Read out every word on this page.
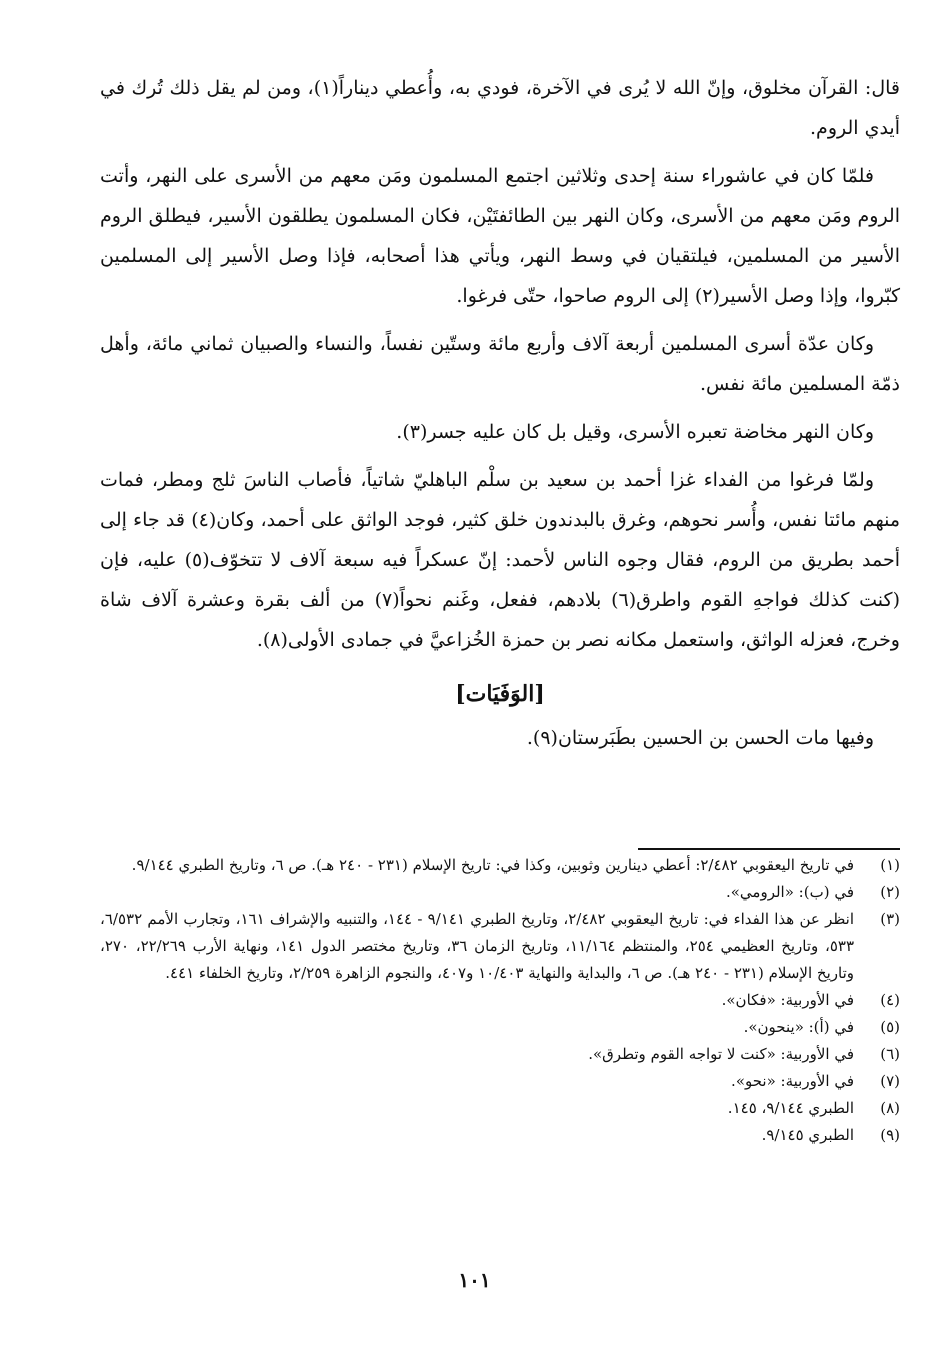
قال: القرآن مخلوق، وإنّ الله لا يُرى في الآخرة، فودي به، وأُعطي ديناراً(١)، ومن لم يقل ذلك تُرك في أيدي الروم.

فلمّا كان في عاشوراء سنة إحدى وثلاثين اجتمع المسلمون ومَن معهم من الأسرى على النهر، وأتت الروم ومَن معهم من الأسرى، وكان النهر بين الطائفتَيْن، فكان المسلمون يطلقون الأسير، فيطلق الروم الأسير من المسلمين، فيلتقيان في وسط النهر، ويأتي هذا أصحابه، فإذا وصل الأسير إلى المسلمين كبّروا، وإذا وصل الأسير(٢) إلى الروم صاحوا، حتّى فرغوا.

وكان عدّة أسرى المسلمين أربعة آلاف وأربع مائة وستّين نفساً، والنساء والصبيان ثماني مائة، وأهل ذمّة المسلمين مائة نفس.

وكان النهر مخاضة تعبره الأسرى، وقيل بل كان عليه جسر(٣).

ولمّا فرغوا من الفداء غزا أحمد بن سعيد بن سلْم الباهليّ شاتياً، فأصاب الناسَ ثلج ومطر، فمات منهم مائتا نفس، وأُسر نحوهم، وغرق بالبدندون خلق كثير، فوجد الواثق على أحمد، وكان(٤) قد جاء إلى أحمد بطريق من الروم، فقال وجوه الناس لأحمد: إنّ عسكراً فيه سبعة آلاف لا تتخوّف(٥) عليه، فإن (كنت كذلك فواجهِ القوم واطرق(٦) بلادهم، ففعل، وغَنم نحواً(٧) من ألف بقرة وعشرة آلاف شاة وخرج، فعزله الواثق، واستعمل مكانه نصر بن حمزة الخُزاعيَّ في جمادى الأولى(٨).

[الوَفَيَات]

وفيها مات الحسن بن الحسين بطَبَرستان(٩).

(١)
في تاريخ اليعقوبي ٢/٤٨٢: أعطي دينارين وثوبين، وكذا في: تاريخ الإسلام (٢٣١ - ٢٤٠ هـ). ص ٦، وتاريخ الطبري ٩/١٤٤.
(٢)
في (ب): «الرومي».
(٣)
انظر عن هذا الفداء في: تاريخ اليعقوبي ٢/٤٨٢، وتاريخ الطبري ٩/١٤١ - ١٤٤، والتنبيه والإشراف ١٦١، وتجارب الأمم ٦/٥٣٢، ٥٣٣، وتاريخ العظيمي ٢٥٤، والمنتظم ١١/١٦٤، وتاريخ الزمان ٣٦، وتاريخ مختصر الدول ١٤١، ونهاية الأرب ٢٢/٢٦٩، ٢٧٠، وتاريخ الإسلام (٢٣١ - ٢٤٠ هـ). ص ٦، والبداية والنهاية ١٠/٤٠٣ و٤٠٧، والنجوم الزاهرة ٢/٢٥٩، وتاريخ الخلفاء ٤٤١.
(٤)
في الأوربية: «فكان».
(٥)
في (أ): «ينحون».
(٦)
في الأوربية: «كنت لا تواجه القوم وتطرق».
(٧)
في الأوربية: «نحو».
(٨)
الطبري ٩/١٤٤، ١٤٥.
(٩)
الطبري ٩/١٤٥.
١٠١
